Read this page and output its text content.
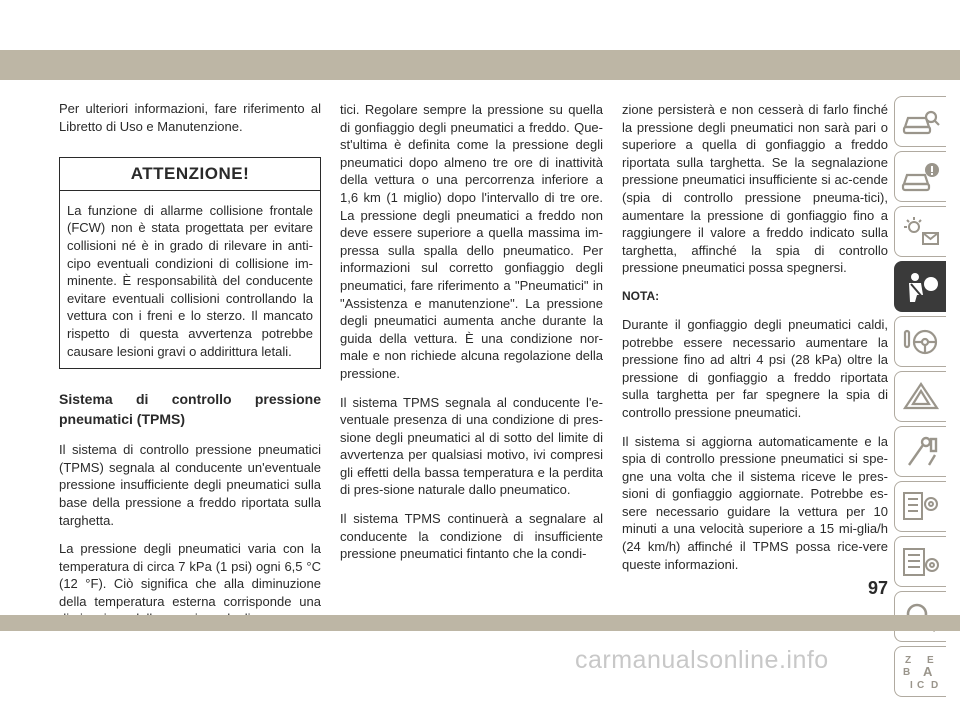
Per ulteriori informazioni, fare riferimento al Libretto di Uso e Manutenzione.

ATTENZIONE!
La funzione di allarme collisione frontale (FCW) non è stata progettata per evitare collisioni né è in grado di rilevare in anti-cipo eventuali condizioni di collisione im-minente. È responsabilità del conducente evitare eventuali collisioni controllando la vettura con i freni e lo sterzo. Il mancato rispetto di questa avvertenza potrebbe causare lesioni gravi o addirittura letali.
Sistema di controllo pressione pneumatici (TPMS)

Il sistema di controllo pressione pneumatici (TPMS) segnala al conducente un'eventuale pressione insufficiente degli pneumatici sulla base della pressione a freddo riportata sulla targhetta.

La pressione degli pneumatici varia con la temperatura di circa 7 kPa (1 psi) ogni 6,5 °C (12 °F). Ciò significa che alla diminuzione della temperatura esterna corrisponde una

tici. Regolare sempre la pressione su quella di gonfiaggio degli pneumatici a freddo. Que-st'ultima è definita come la pressione degli pneumatici dopo almeno tre ore di inattività della vettura o una percorrenza inferiore a 1,6 km (1 miglio) dopo l'intervallo di tre ore. La pressione degli pneumatici a freddo non deve essere superiore a quella massima im-pressa sulla spalla dello pneumatico. Per informazioni sul corretto gonfiaggio degli pneumatici, fare riferimento a "Pneumatici" in "Assistenza e manutenzione". La pressione degli pneumatici aumenta anche durante la guida della vettura. È una condizione nor-male e non richiede alcuna regolazione della pressione.

Il sistema TPMS segnala al conducente l'e-ventuale presenza di una condizione di pres-sione degli pneumatici al di sotto del limite di avvertenza per qualsiasi motivo, ivi compresi gli effetti della bassa temperatura e la perdita di pres-sione naturale dallo pneumatico.

Il sistema TPMS continuerà a segnalare al conducente la condizione di insufficiente pressione pneumatici fintanto che la condi-

zione persisterà e non cesserà di farlo finché la pressione degli pneumatici non sarà pari o superiore a quella di gonfiaggio a freddo riportata sulla targhetta. Se la segnalazione pressione pneumatici insufficiente si ac-cende (spia di controllo pressione pneuma-tici), aumentare la pressione di gonfiaggio fino a raggiungere il valore a freddo indicato sulla targhetta, affinché la spia di controllo pressione pneumatici possa spegnersi.

NOTA:

Durante il gonfiaggio degli pneumatici caldi, potrebbe essere necessario aumentare la pressione fino ad altri 4 psi (28 kPa) oltre la pressione di gonfiaggio a freddo riportata sulla targhetta per far spegnere la spia di controllo pressione pneumatici.

Il sistema si aggiorna automaticamente e la spia di controllo pressione pneumatici si spe-gne una volta che il sistema riceve le pres-sioni di gonfiaggio aggiornate. Potrebbe es-sere necessario guidare la vettura per 10 minuti a una velocità superiore a 15 mi-glia/h (24 km/h) affinché il TPMS possa rice-vere queste informazioni.

Z E
B A
I C D
97
carmanualsonline.info
